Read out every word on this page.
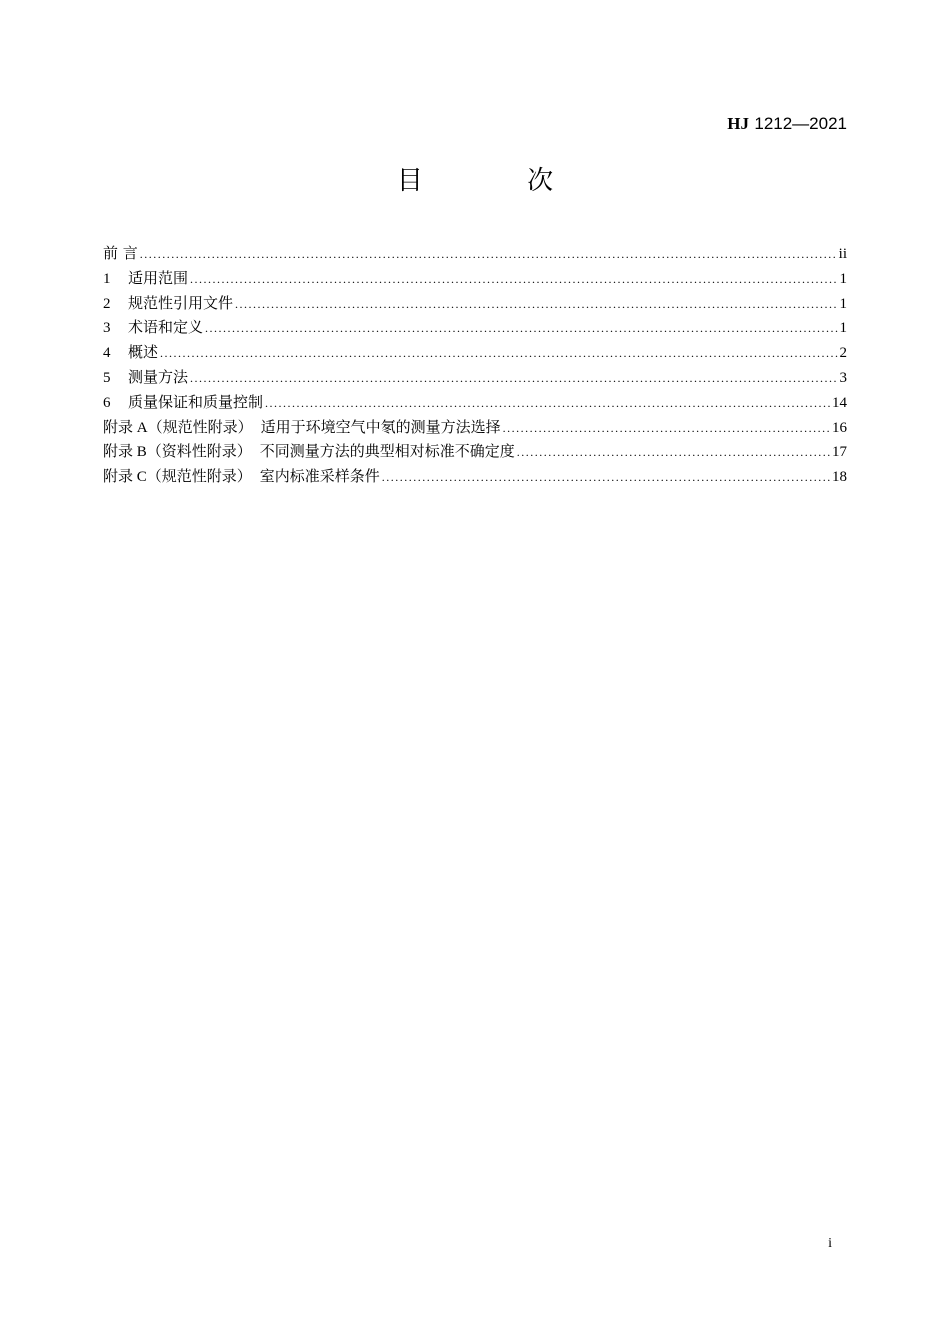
HJ 1212—2021
目 次
前 言 .....	ii
1	适用范围 .....	1
2	规范性引用文件 .....	1
3	术语和定义 .....	1
4	概述 .....	2
5	测量方法 .....	3
6	质量保证和质量控制 .....	14
附录 A（规范性附录） 适用于环境空气中氡的测量方法选择 .....	16
附录 B（资料性附录） 不同测量方法的典型相对标准不确定度 .....	17
附录 C（规范性附录） 室内标准采样条件 .....	18
i
